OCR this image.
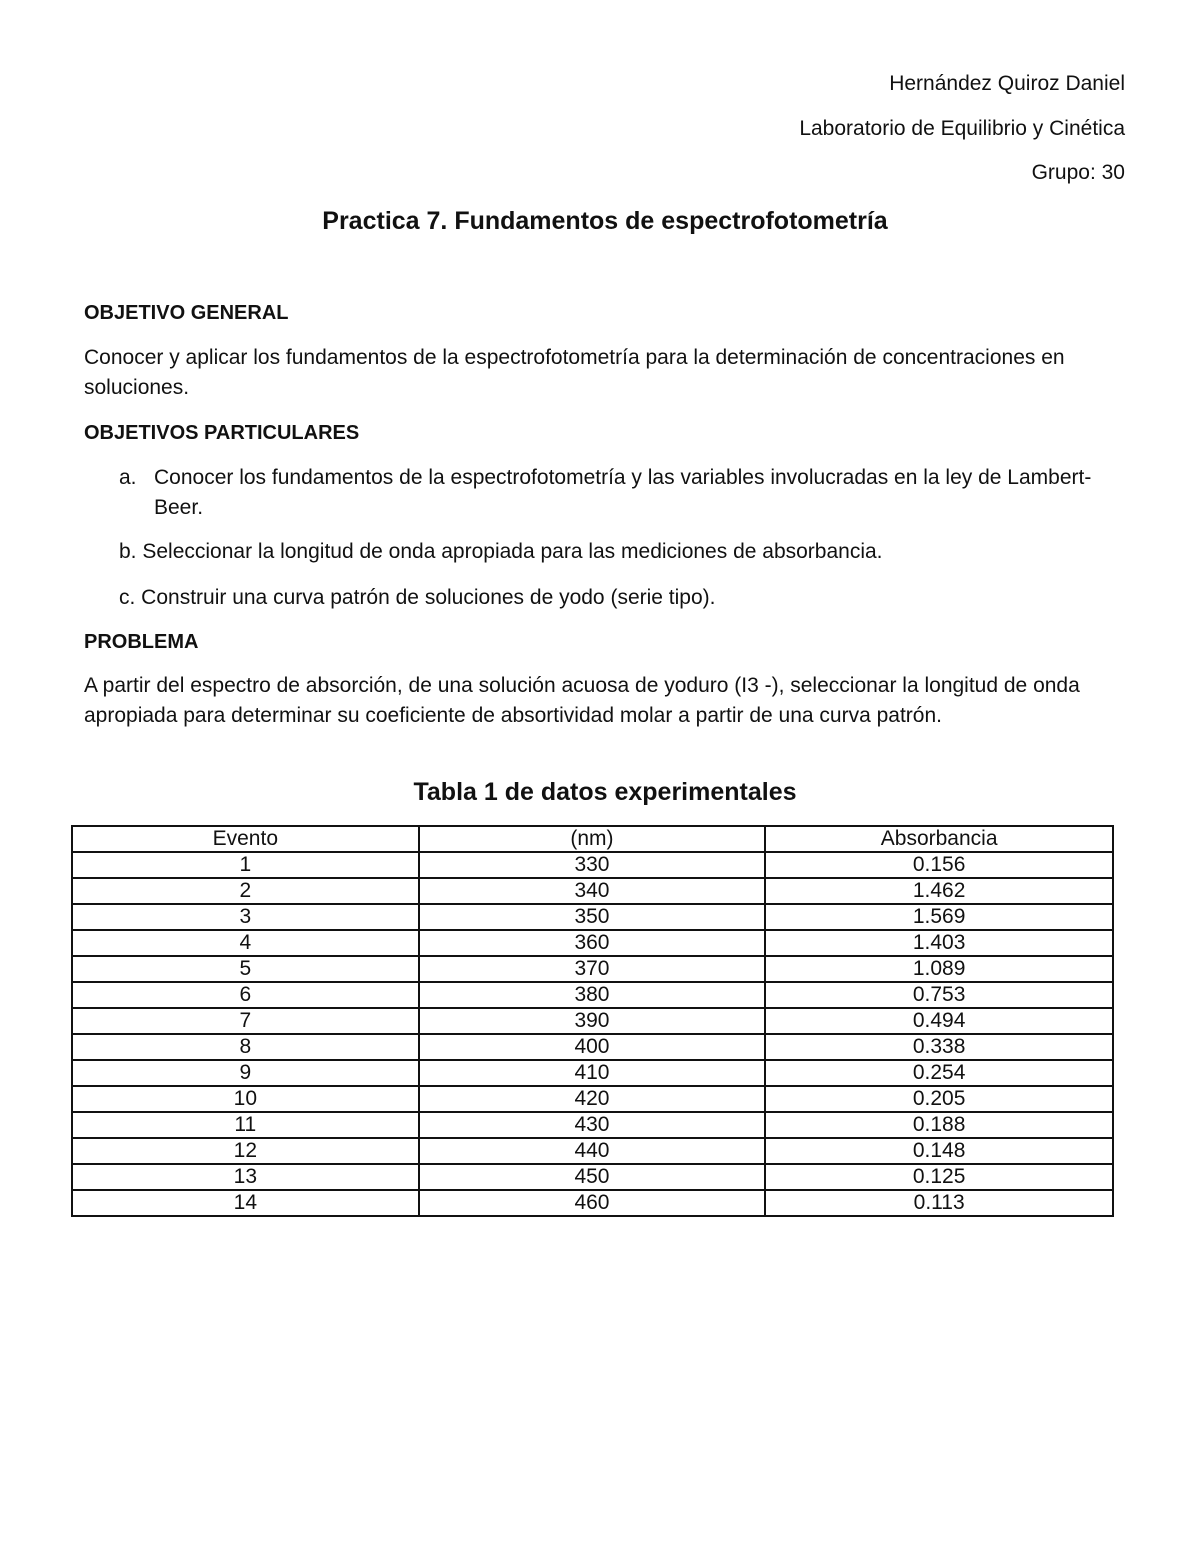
Hernández Quiroz Daniel
Laboratorio de Equilibrio y Cinética
Grupo: 30
Practica 7. Fundamentos de espectrofotometría
OBJETIVO GENERAL
Conocer y aplicar los fundamentos de la espectrofotometría para la determinación de concentraciones en soluciones.
OBJETIVOS PARTICULARES
a. Conocer los fundamentos de la espectrofotometría y las variables involucradas en la ley de Lambert-Beer.
b. Seleccionar la longitud de onda apropiada para las mediciones de absorbancia.
c. Construir una curva patrón de soluciones de yodo (serie tipo).
PROBLEMA
A partir del espectro de absorción, de una solución acuosa de yoduro (I3 -), seleccionar la longitud de onda apropiada para determinar su coeficiente de absortividad molar a partir de una curva patrón.
Tabla 1 de datos experimentales
Evento	(nm)	Absorbancia
1	330	0.156
2	340	1.462
3	350	1.569
4	360	1.403
5	370	1.089
6	380	0.753
7	390	0.494
8	400	0.338
9	410	0.254
10	420	0.205
11	430	0.188
12	440	0.148
13	450	0.125
14	460	0.113
